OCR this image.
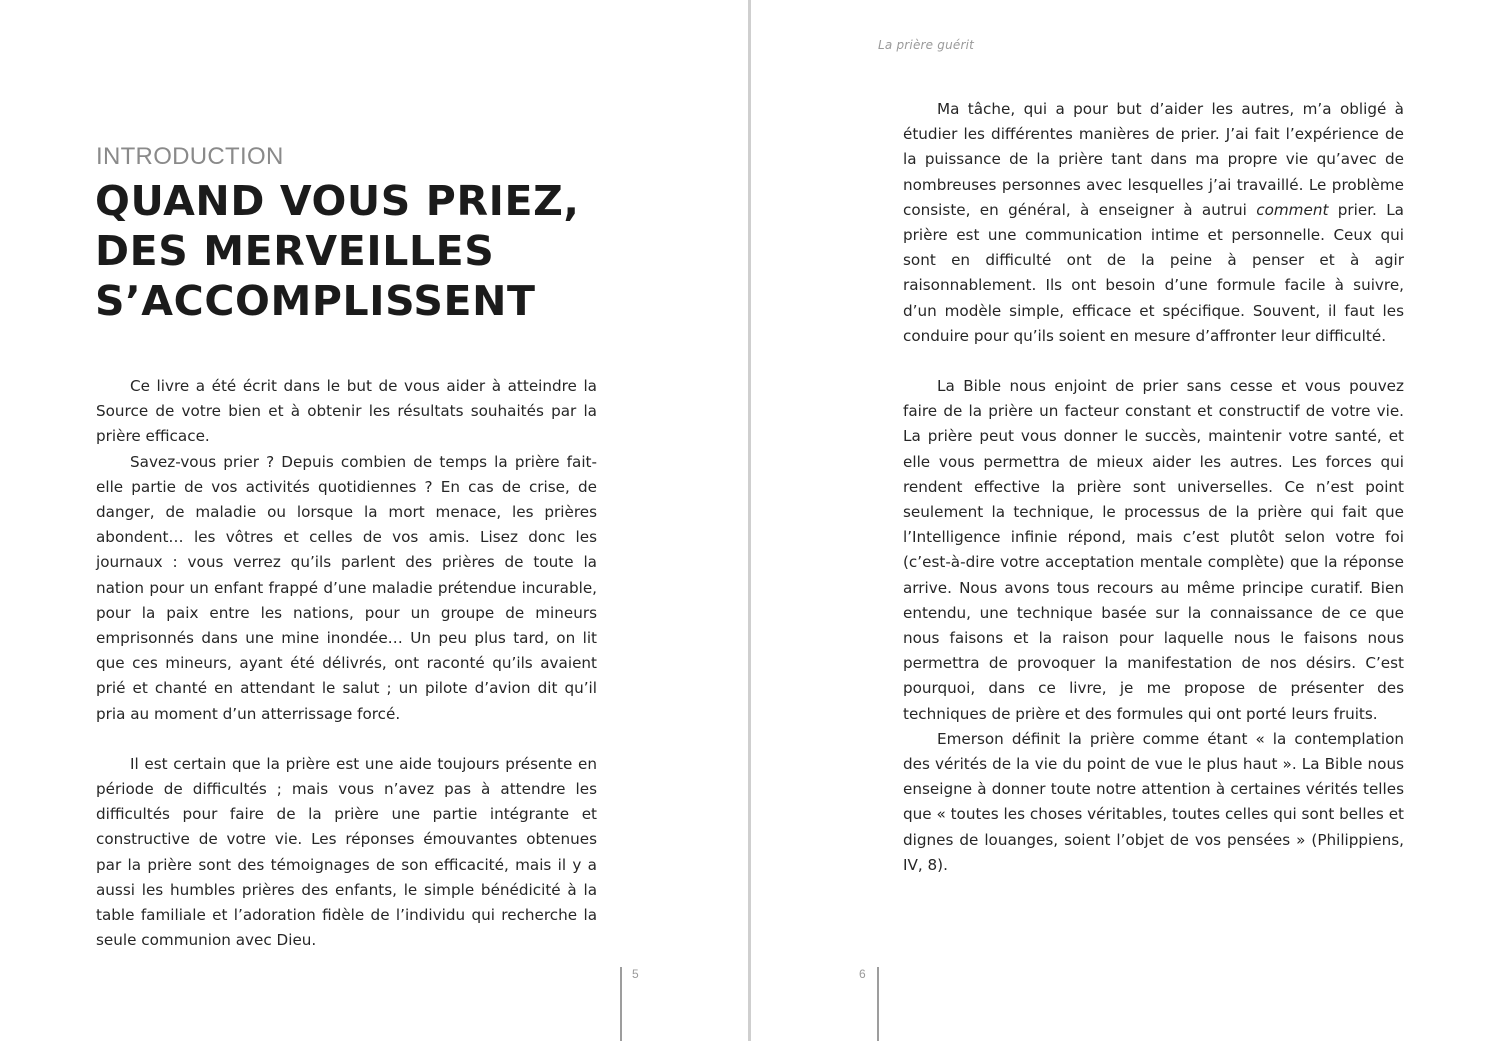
INTRODUCTION
QUAND VOUS PRIEZ,
DES MERVEILLES
S’ACCOMPLISSENT

Ce livre a été écrit dans le but de vous aider à atteindre la Source de votre bien et à obtenir les résultats souhaités par la prière efficace.

Savez-vous prier ? Depuis combien de temps la prière fait-elle partie de vos activités quotidiennes ? En cas de crise, de danger, de maladie ou lorsque la mort menace, les prières abondent… les vôtres et celles de vos amis. Lisez donc les journaux : vous verrez qu’ils parlent des prières de toute la nation pour un enfant frappé d’une maladie prétendue incurable, pour la paix entre les nations, pour un groupe de mineurs emprisonnés dans une mine inondée… Un peu plus tard, on lit que ces mineurs, ayant été délivrés, ont raconté qu’ils avaient prié et chanté en attendant le salut ; un pilote d’avion dit qu’il pria au moment d’un atterrissage forcé.

Il est certain que la prière est une aide toujours présente en période de difficultés ; mais vous n’avez pas à attendre les difficultés pour faire de la prière une partie intégrante et constructive de votre vie. Les réponses émouvantes obtenues par la prière sont des témoignages de son efficacité, mais il y a aussi les humbles prières des enfants, le simple bénédicité à la table familiale et l’adoration fidèle de l’individu qui recherche la seule communion avec Dieu.

5
La prière guérit

Ma tâche, qui a pour but d’aider les autres, m’a obligé à étudier les différentes manières de prier. J’ai fait l’expérience de la puissance de la prière tant dans ma propre vie qu’avec de nombreuses personnes avec lesquelles j’ai travaillé. Le problème consiste, en général, à enseigner à autrui comment prier. La prière est une communication intime et personnelle. Ceux qui sont en difficulté ont de la peine à penser et à agir raisonnablement. Ils ont besoin d’une formule facile à suivre, d’un modèle simple, efficace et spécifique. Souvent, il faut les conduire pour qu’ils soient en mesure d’affronter leur difficulté.

La Bible nous enjoint de prier sans cesse et vous pouvez faire de la prière un facteur constant et constructif de votre vie. La prière peut vous donner le succès, maintenir votre santé, et elle vous permettra de mieux aider les autres. Les forces qui rendent effective la prière sont universelles. Ce n’est point seulement la technique, le processus de la prière qui fait que l’Intelligence infinie répond, mais c’est plutôt selon votre foi (c’est-à-dire votre acceptation mentale complète) que la réponse arrive. Nous avons tous recours au même principe curatif. Bien entendu, une technique basée sur la connaissance de ce que nous faisons et la raison pour laquelle nous le faisons nous permettra de provoquer la manifestation de nos désirs. C’est pourquoi, dans ce livre, je me propose de présenter des techniques de prière et des formules qui ont porté leurs fruits.

Emerson définit la prière comme étant « la contemplation des vérités de la vie du point de vue le plus haut ». La Bible nous enseigne à donner toute notre attention à certaines vérités telles que « toutes les choses véritables, toutes celles qui sont belles et dignes de louanges, soient l’objet de vos pensées » (Philippiens, IV, 8).

6
